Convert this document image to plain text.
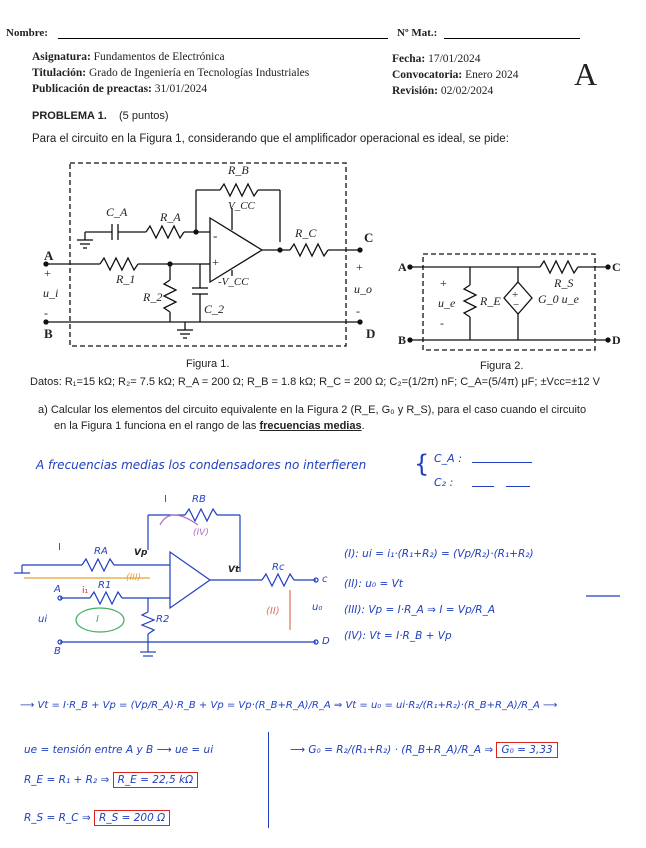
Nombre:	Nº Mat.:
Asignatura: Fundamentos de Electrónica
Titulación: Grado de Ingeniería en Tecnologías Industriales
Publicación de preactas: 31/01/2024
Fecha: 17/01/2024
Convocatoria: Enero 2024
Revisión: 02/02/2024	A
PROBLEMA 1. (5 puntos)
Para el circuito en la Figura 1, considerando que el amplificador operacional es ideal, se pide:
R_B
V_CC
C_A	R_A
R_C	C
A
+
u_i
-
R_1
R_2
-V_CC
C_2
-
+	+
u_o
-
B	D
Figura 1.
A	C
B	D
+
u_e
-
R_E
R_S
G_0 u_e
+
−
Figura 2.
Datos: R₁=15 kΩ; R₂= 7.5 kΩ; R_A = 200 Ω; R_B = 1.8 kΩ; R_C = 200 Ω; C₂=(1/2π) nF; C_A=(5/4π) μF; ±Vcc=±12 V
a) Calcular los elementos del circuito equivalente en la Figura 2 (R_E, G₀ y R_S), para el caso cuando el circuito
en la Figura 1 funciona en el rango de las frecuencias medias.
A frecuencias medias los condensadores no interfieren { C_A :
C₂ :
I	RB
(IV)
I	RA	Vp
Vt
(III)
R1
R2
Rc
c
u₀
D
A
B
ui	I
(II)
i₁
(I): ui = i₁·(R₁+R₂) = (Vp/R₂)·(R₁+R₂)
(II): u₀ = Vt
(III): Vp = I·R_A ⇒ I = Vp/R_A
(IV): Vt = I·R_B + Vp
⟶ Vt = I·R_B + Vp = (Vp/R_A)·R_B + Vp = Vp·(R_B+R_A)/R_A ⇒ Vt = u₀ = ui·R₂/(R₁+R₂)·(R_B+R_A)/R_A ⟶
ue = tensión entre A y B ⟶ ue = ui
R_E = R₁ + R₂ ⇒ R_E = 22,5 kΩ
R_S = R_C ⇒ R_S = 200 Ω
⟶ G₀ = R₂/(R₁+R₂) · (R_B+R_A)/R_A ⇒ G₀ = 3,33
